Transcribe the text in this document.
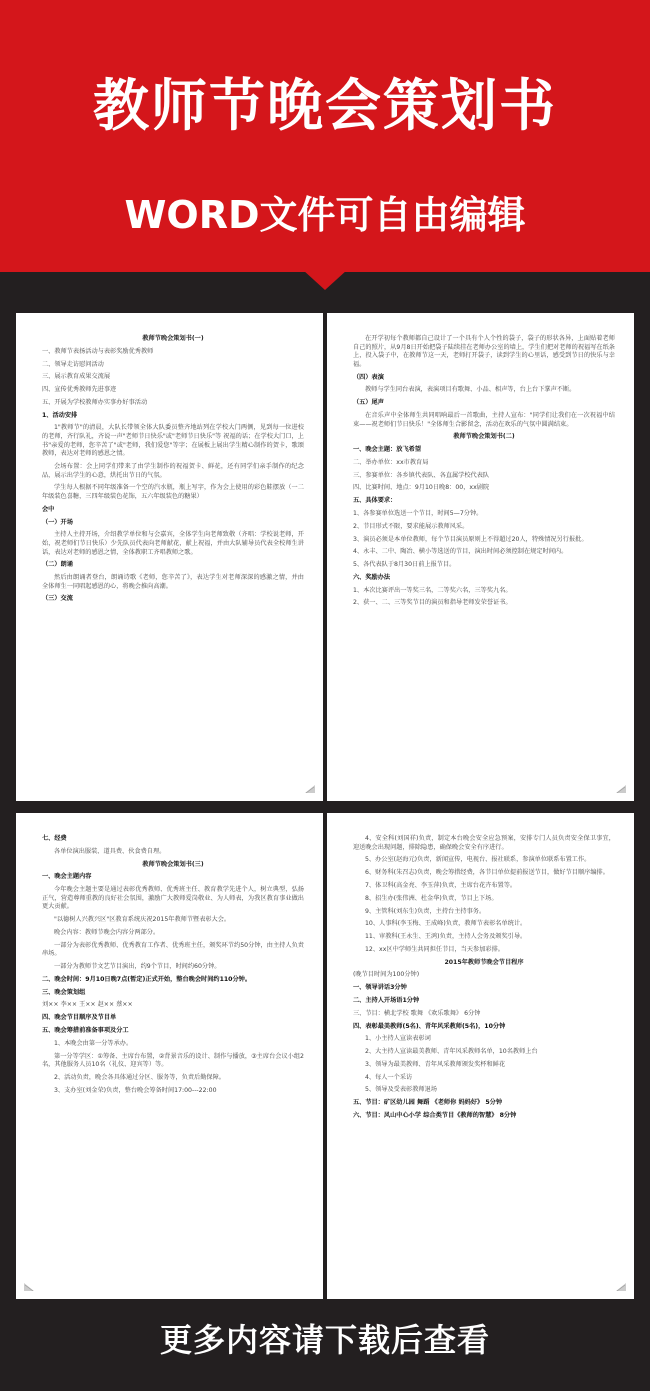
教师节晚会策划书
WORD文件可自由编辑
教师节晚会策划书(一)
一、教师节表扬活动与表彰奖励优秀教师
二、领导走访慰问活动
三、展示教育成果交流展
四、宣传优秀教师先进事迹
五、开展为学校教师办实事办好事活动
1、活动安排
1"教师节"的清晨，大队长带领全体大队委员整齐地站列在学校大门两侧，见到每一位进校的老师，齐行队礼，齐说一声"老师节日快乐"或"老师节日快乐"等 祝福的话；在学校大门口，上书"亲爱的老师，您辛苦了"或"老师，我们爱您"等字；在展板上展出学生精心制作的贺卡，歌颂教师，表达对老师的感恩之情。
会场布置：会上同学们带来了由学生制作的祝福贺卡、鲜花，还有同学们亲手制作的纪念品，展示出学生的心意，烘托出节日的气氛。
学生每人根据不同年级准备一个空的汽水瓶，瓶上写字，作为会上使用的彩色鞋摆放（一二年级装色喜糖，三四年级装色花饰，五六年级装色的糖果）
会中
（一）开场
主持人主持开场，介绍教学单位和与会嘉宾，全体学生向老师致敬（齐唱：学校说老师，开始，祝老师们节日快乐）少先队员代表向老师献花，献上祝福，并由大队辅导员代表全校师生讲话，表达对老师的感恩之情，全体教职工齐唱教师之歌。
（二）朗诵
然后由朗诵者登台，朗诵诗歌《老师，您辛苦了》，表达学生对老师深深的感激之情，并由全体师生一同唱起感恩的心，将晚会推向高潮。
（三）交流
在开学初每个教师都自己设计了一个具有个人个性的袋子，袋子的形状各异，上面贴着老师自己的照片，从9月8日开始把袋子陆续挂在老师办公室的墙上，学生们把对老师的祝福写在纸条上，投入袋子中，在教师节这一天，老师打开袋子，读到学生的心里话，感受到节日的快乐与幸福。
（四）表演
教师与学生同台表演，表演项目有歌舞、小品、相声等，台上台下掌声不断。
（五）尾声
在音乐声中全体师生共同唱响最后一首歌曲，主持人宣布："同学们让我们在一次祝福中结束——祝老师们节日快乐！"全体师生合影留念，活动在欢乐的气氛中圆满结束。
教师节晚会策划书(二)
一、晚会主题：放飞希望
二、举办单位：xx市教育局
三、参赛单位：各乡镇代表队、各直属学校代表队
四、比赛时间、地点：9月10日晚8：00，xx剧院
五、具体要求：
1、各参赛单位选送一个节目，时间5—7分钟。
2、节目形式不限，要求能展示教师风采。
3、演员必须是本单位教师，每个节目演员原则上不得超过20人，特殊情况另行报批。
4、永丰、二中、陶冶、横小等选送的节目，演出时间必须控制在规定时间内。
5、各代表队于8月30日前上报节目。
六、奖励办法
1、本次比赛评出一等奖三名，二等奖六名，三等奖九名。
2、获一、二、三等奖节目的演员和指导老师发荣誉证书。
七、经费
各单位演出服装、道具费、伙食费自理。
教师节晚会策划书(三)
一、晚会主题内容
今年晚会主题主要是通过表彰优秀教师、优秀班主任、教育教学先进个人，树立典型，弘扬正气，营造尊师重教的良好社会氛围，激励广大教师爱岗敬业、为人师表，为我区教育事业做出更大贡献。
"以德树人兴教兴区"区教育系统庆祝2015年教师节暨表彰大会。
晚会内容：教师节晚会内容分两部分。
一部分为表彰优秀教师、优秀教育工作者、优秀班主任，颁奖环节约50分钟，由主持人负责串场。
一部分为教师节文艺节目演出，约9个节目，时间约60分钟。
二、晚会时间：9月10日晚7点(暂定)正式开始，整台晚会时间约110分钟。
三、晚会策划组
刘×× 李×× 王×× 赵×× 蔡××
四、晚会节目顺序及节目单
五、晚会筹措前准备事项及分工
1、本晚会由第一分等承办。
第一分等学区：①筹备、主席台布置，②背景音乐的设计、制作与播放，③主席台会议小组2名，其他服务人员10名（礼仪、迎宾等）等。
2、活动负责，晚会各具体通过分区、服务等，负责后勤保障。
3、支办室(刘金荣)负责，整台晚会筹备时间17:00---22:00
4、安全科(刘国祥)负责，制定本台晚会安全应急预案，安排专门人员负责安全保卫事宜，迎送晚会出现问题，排除隐患，确保晚会安全有序进行。
5、办公室(赵海元)负责，新闻宣传，电视台、报社联系，参演单位联系布置工作。
6、财务科(朱召志)负责，晚会筹措经费，各节目单位提前报送节目，做好节目顺序编排。
7、体卫科(高金亮、李玉萍)负责，主席台花卉布置等。
8、招生办(张伟洲、杜金华)负责，节目上下场。
9、主管科(刘东生)负责，主持台主持事务。
10、人事科(李玉梅、王成峰)负责，教师节表彰名单统计。
11、审教科(王永生、王鸿)负责，主持人会务及颁奖引导。
12、xx区中学师生共同担任节目，当天参加彩排。
2015年教师节晚会节目程序
(晚节目时间为100分钟)
一、领导讲话3分钟
二、主持人开场语1分钟
三、节目：横北学校 歌舞 《欢乐歌舞》 6分钟
四、表彰最美教师(5名)、青年风采教师(5名)，10分钟
1、小主持人宣读表彰词
2、大主持人宣读最美教师、青年风采教师名单，10名教师上台
3、领导为最美教师、青年风采教师颁发奖杯和鲜花
4、每人一个采访
5、领导及受表彰教师退场
五、节目：矿区幼儿园 舞蹈 《老师你 妈妈好》 5分钟
六、节目：风山中心小学 综合类节目《教师的智慧》 8分钟
更多内容请下载后查看
